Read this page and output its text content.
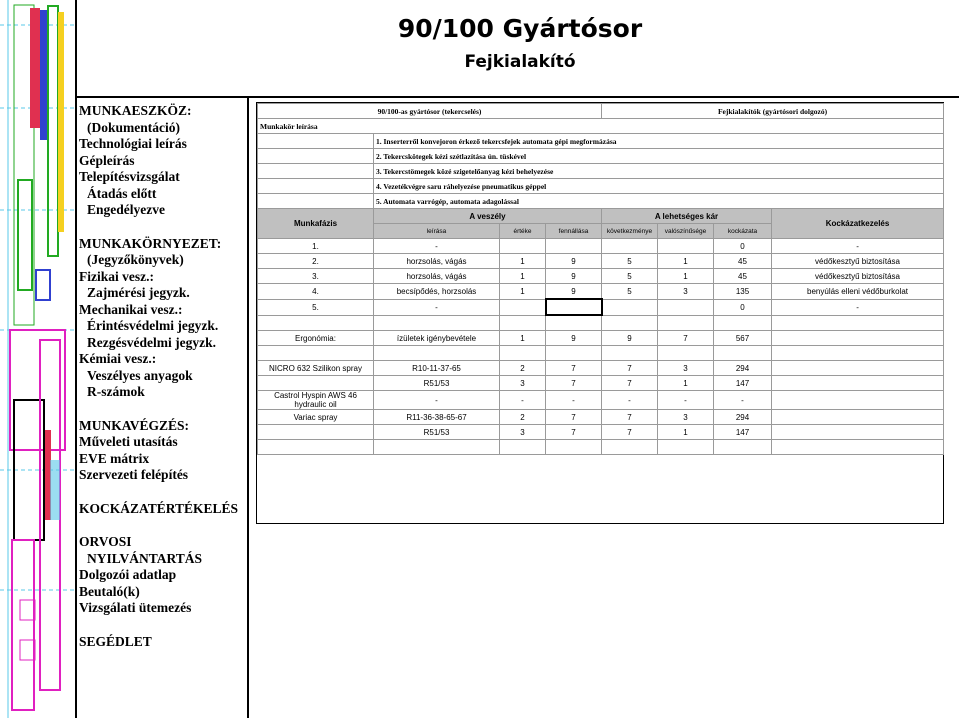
90/100 Gyártósor
Fejkialakító
MUNKAESZKÖZ:
(Dokumentáció)
Technológiai leírás
Gépleírás
Telepítésvizsgálat
Átadás előtt
Engedélyezve
MUNKAKÖRNYEZET:
(Jegyzőkönyvek)
Fizikai vesz.:
Zajmérési jegyzk.
Mechanikai vesz.:
Érintésvédelmi jegyzk.
Rezgésvédelmi jegyzk.
Kémiai vesz.:
Veszélyes anyagok
R-számok
MUNKAVÉGZÉS:
Műveleti utasítás
EVE mátrix
Szervezeti felépítés
KOCKÁZATÉRTÉKELÉS
ORVOSI
NYILVÁNTARTÁS
Dolgozói adatlap
Beutaló(k)
Vizsgálati ütemezés
SEGÉDLET
90/100-as gyártósor (tekercselés)				Fejkialakítók (gyártósori dolgozó)			
Munkakör leírása							
	1. Inserterről konvejoron érkező tekercsfejek automata gépi megformázása						
	2. Tekercskötegek kézi szétlazítása ún. tüskével						
	3. Tekercstömegek közé szigetelőanyag kézi behelyezése						
	4. Vezetékvégre saru ráhelyezése pneumatikus géppel						
	5. Automata varrógép, automata adagolással						
Munkafázis	A veszély			A lehetséges kár			Kockázatkezelés
	leírása	értéke	fennállása	következménye	valószínűsége	kockázata	
1.	-					0	-
2.	horzsolás, vágás	1	9	5	1	45	védőkesztyű biztosítása
3.	horzsolás, vágás	1	9	5	1	45	védőkesztyű biztosítása
4.	becsípődés, horzsolás	1	9	5	3	135	benyúlás elleni védőburkolat
5.	-					0	-

Ergonómia:	ízületek igénybevétele	1	9	9	7	567	

NICRO 632 Szilikon spray	R10-11-37-65	2	7	7	3	294	
	R51/53	3	7	7	1	147	
Castrol Hyspin AWS 46 hydraulic oil	-	-	-	-	-	-	
Variac spray	R11-36-38-65-67	2	7	7	3	294	
	R51/53	3	7	7	1	147	
